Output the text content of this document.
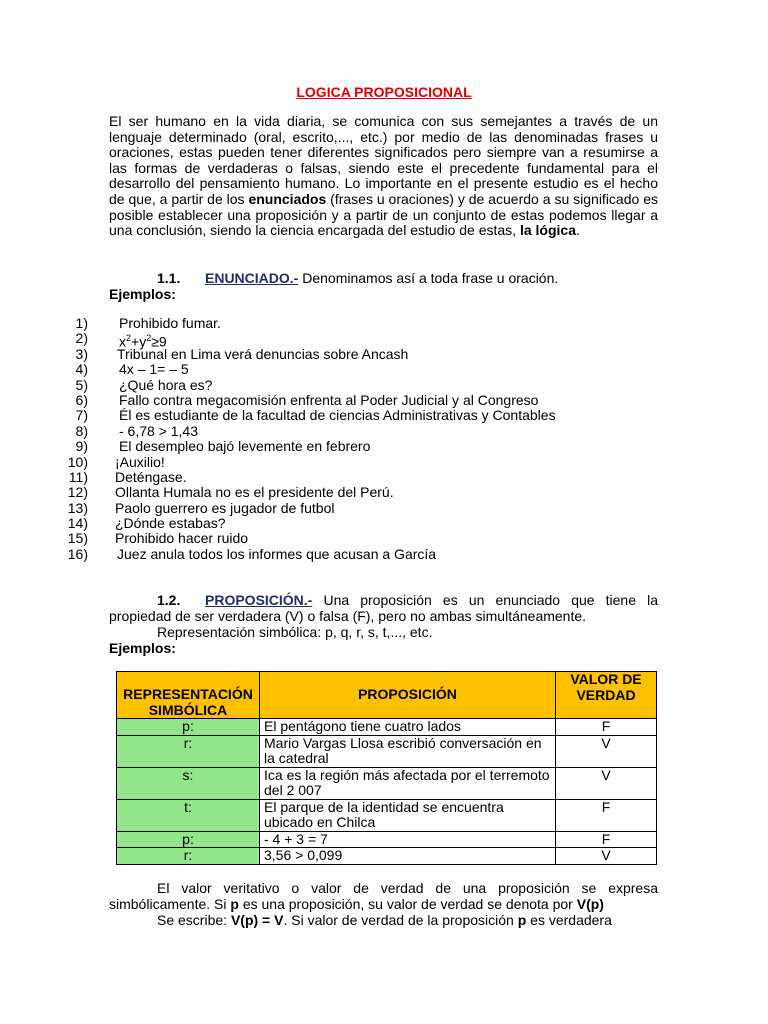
LOGICA PROPOSICIONAL

El ser humano en la vida diaria, se comunica con sus semejantes a través de un lenguaje determinado (oral, escrito,..., etc.) por medio de las denominadas frases u oraciones, estas pueden tener diferentes significados pero siempre van a resumirse a las formas de verdaderas o falsas, siendo este el precedente fundamental para el desarrollo del pensamiento humano. Lo importante en el presente estudio es el hecho de que, a partir de los enunciados (frases u oraciones) y de acuerdo a su significado es posible establecer una proposición y a partir de un conjunto de estas podemos llegar a una conclusión, siendo la ciencia encargada del estudio de estas, la lógica.

1.1. ENUNCIADO.- Denominamos así a toda frase u oración.
Ejemplos:
1) Prohibido fumar.
2) $x^2+y^2\ge 9$
3) Tribunal en Lima verá denuncias sobre Ancash
4) 4x – 1= – 5
5) ¿Qué hora es?
6) Fallo contra megacomisión enfrenta al Poder Judicial y al Congreso
7) Él es estudiante de la facultad de ciencias Administrativas y Contables
8) - 6,78 > 1,43
9) El desempleo bajó levemente en febrero
10) ¡Auxilio!
11) Deténgase.
12) Ollanta Humala no es el presidente del Perú.
13) Paolo guerrero es jugador de futbol
14) ¿Dónde estabas?
15) Prohibido hacer ruido
16) Juez anula todos los informes que acusan a García

1.2. PROPOSICIÓN.- Una proposición es un enunciado que tiene la propiedad de ser verdadera (V) o falsa (F), pero no ambas simultáneamente.
Representación simbólica: p, q, r, s, t,..., etc.
Ejemplos:

REPRESENTACIÓN SIMBÓLICA	PROPOSICIÓN	VALOR DE VERDAD
p:	El pentágono tiene cuatro lados	F
r:	Mario Vargas Llosa escribió conversación en la catedral	V
s:	Ica es la región más afectada por el terremoto del 2 007	V
t:	El parque de la identidad se encuentra ubicado en Chilca	F
p:	- 4 + 3 = 7	F
r:	3,56 > 0,099	V

El valor veritativo o valor de verdad de una proposición se expresa simbólicamente. Si p es una proposición, su valor de verdad se denota por V(p)
Se escribe: V(p) = V. Si valor de verdad de la proposición p es verdadera
